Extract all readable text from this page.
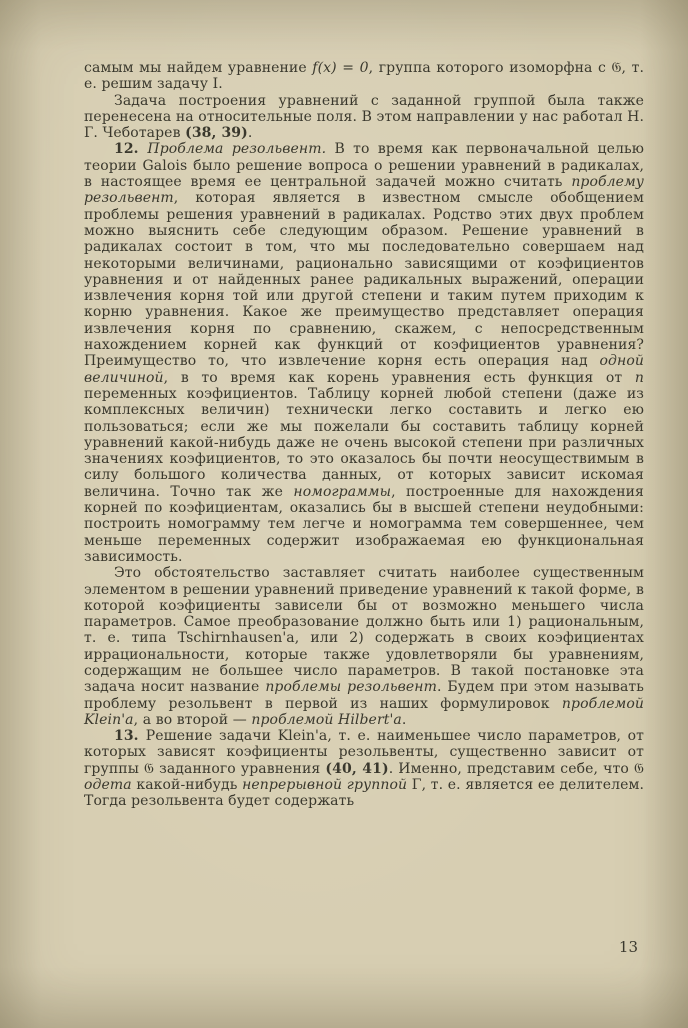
самым мы найдем уравнение f(x) = 0, группа которого изоморфна с 𝔊, т. е. решим задачу I.

Задача построения уравнений с заданной группой была также перенесена на относительные поля. В этом направлении у нас работал Н. Г. Чеботарев (38, 39).

12. Проблема резольвент. В то время как первоначальной целью теории Galois было решение вопроса о решении уравнений в радикалах, в настоящее время ее центральной задачей можно считать проблему резольвент, которая является в известном смысле обобщением проблемы решения уравнений в радикалах. Родство этих двух проблем можно выяснить себе следующим образом. Решение уравнений в радикалах состоит в том, что мы последовательно совершаем над некоторыми величинами, рационально зависящими от коэфициентов уравнения и от найденных ранее радикальных выражений, операции извлечения корня той или другой степени и таким путем приходим к корню уравнения. Какое же преимущество представляет операция извлечения корня по сравнению, скажем, с непосредственным нахождением корней как функций от коэфициентов уравнения? Преимущество то, что извлечение корня есть операция над одной величиной, в то время как корень уравнения есть функция от n переменных коэфициентов. Таблицу корней любой степени (даже из комплексных величин) технически легко составить и легко ею пользоваться; если же мы пожелали бы составить таблицу корней уравнений какой-нибудь даже не очень высокой степени при различных значениях коэфициентов, то это оказалось бы почти неосуществимым в силу большого количества данных, от которых зависит искомая величина. Точно так же номограммы, построенные для нахождения корней по коэфициентам, оказались бы в высшей степени неудобными: построить номограмму тем легче и номограмма тем совершеннее, чем меньше переменных содержит изображаемая ею функциональная зависимость.

Это обстоятельство заставляет считать наиболее существенным элементом в решении уравнений приведение уравнений к такой форме, в которой коэфициенты зависели бы от возможно меньшего числа параметров. Самое преобразование должно быть или 1) рациональным, т. е. типа Tschirnhausen'а, или 2) содержать в своих коэфициентах иррациональности, которые также удовлетворяли бы уравнениям, содержащим не большее число параметров. В такой постановке эта задача носит название проблемы резольвент. Будем при этом называть проблему резольвент в первой из наших формулировок проблемой Klein'а, а во второй — проблемой Hilbert'а.

13. Решение задачи Klein'а, т. е. наименьшее число параметров, от которых зависят коэфициенты резольвенты, существенно зависит от группы 𝔊 заданного уравнения (40, 41). Именно, представим себе, что 𝔊 одета какой-нибудь непрерывной группой Γ, т. е. является ее делителем. Тогда резольвента будет содержать

13
